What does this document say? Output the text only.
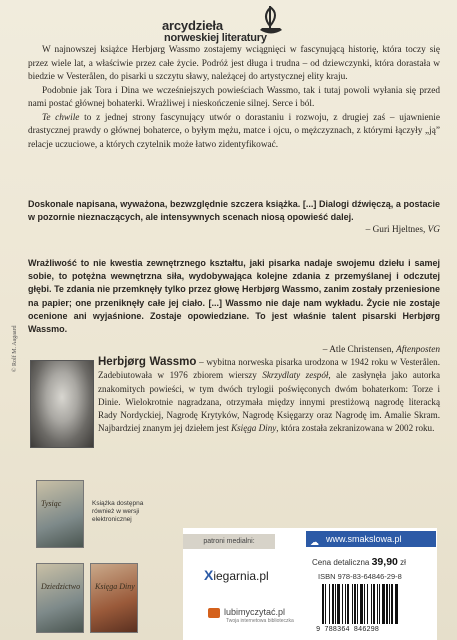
arcydzieła
norweskiej literatury

W najnowszej książce Herbjørg Wassmo zostajemy wciągnięci w fascynującą historię, która toczy się przez wiele lat, a właściwie przez całe życie. Podróż jest długa i trudna – od dziewczynki, która dorastała w biedzie w Vesterålen, do pisarki u szczytu sławy, należącej do artystycznej elity kraju.

Podobnie jak Tora i Dina we wcześniejszych powieściach Wassmo, tak i tutaj powoli wyłania się przed nami postać głównej bohaterki. Wrażliwej i nieskończenie silnej. Serce i ból.

Te chwile to z jednej strony fascynujący utwór o dorastaniu i rozwoju, z drugiej zaś – ujawnienie drastycznej prawdy o głównej bohaterce, o byłym mężu, matce i ojcu, o mężczyznach, z którymi łączyły „ją” relacje uczuciowe, a których czytelnik może łatwo zidentyfikować.

Doskonale napisana, wyważona, bezwzględnie szczera książka. [...] Dialogi dźwięczą, a postacie w pozornie nieznaczących, ale intensywnych scenach niosą opowieść dalej.

– Guri Hjeltnes, VG

Wrażliwość to nie kwestia zewnętrznego kształtu, jaki pisarka nadaje swojemu dziełu i samej sobie, to potężna wewnętrzna siła, wydobywająca kolejne zdania z przemyślanej i odczutej głębi. Te zdania nie przemknęły tylko przez głowę Herbjørg Wassmo, zanim zostały przeniesione na papier; one przeniknęły całe jej ciało. [...] Wassmo nie daje nam wykładu. Życie nie zostaje ocenione ani wyjaśnione. Zostaje opowiedziane. To jest właśnie talent pisarski Herbjørg Wassmo.

– Atle Christensen, Aftenposten

© Rolf M. Aagaard	Herbjørg Wassmo – wybitna norweska pisarka urodzona w 1942 roku w Vesterålen. Zadebiutowała w 1976 zbiorem wierszy Skrzydlaty zespół, ale zasłynęła jako autorka znakomitych powieści, w tym dwóch trylogii poświęconych dwóm bohaterkom: Torze i Dinie. Wielokrotnie nagradzana, otrzymała między innymi prestiżową nagrodę literacką Rady Nordyckiej, Nagrodę Krytyków, Nagrodę Księgarzy oraz Nagrodę im. Amalie Skram. Najbardziej znanym jej dziełem jest Księga Diny, która została zekranizowana w 2002 roku.
Tysiąc	Książka dostępna również w wersji elektronicznej
Dziedzictwo Księga Diny
patroni medialni:	☁ www.smakslowa.pl
Xiegarnia.pl
lubimyczytać.pl
Twoja internetowa biblioteczka
Cena detaliczna 39,90 zł
ISBN 978-83-64846-29-8
9 788364 846298
